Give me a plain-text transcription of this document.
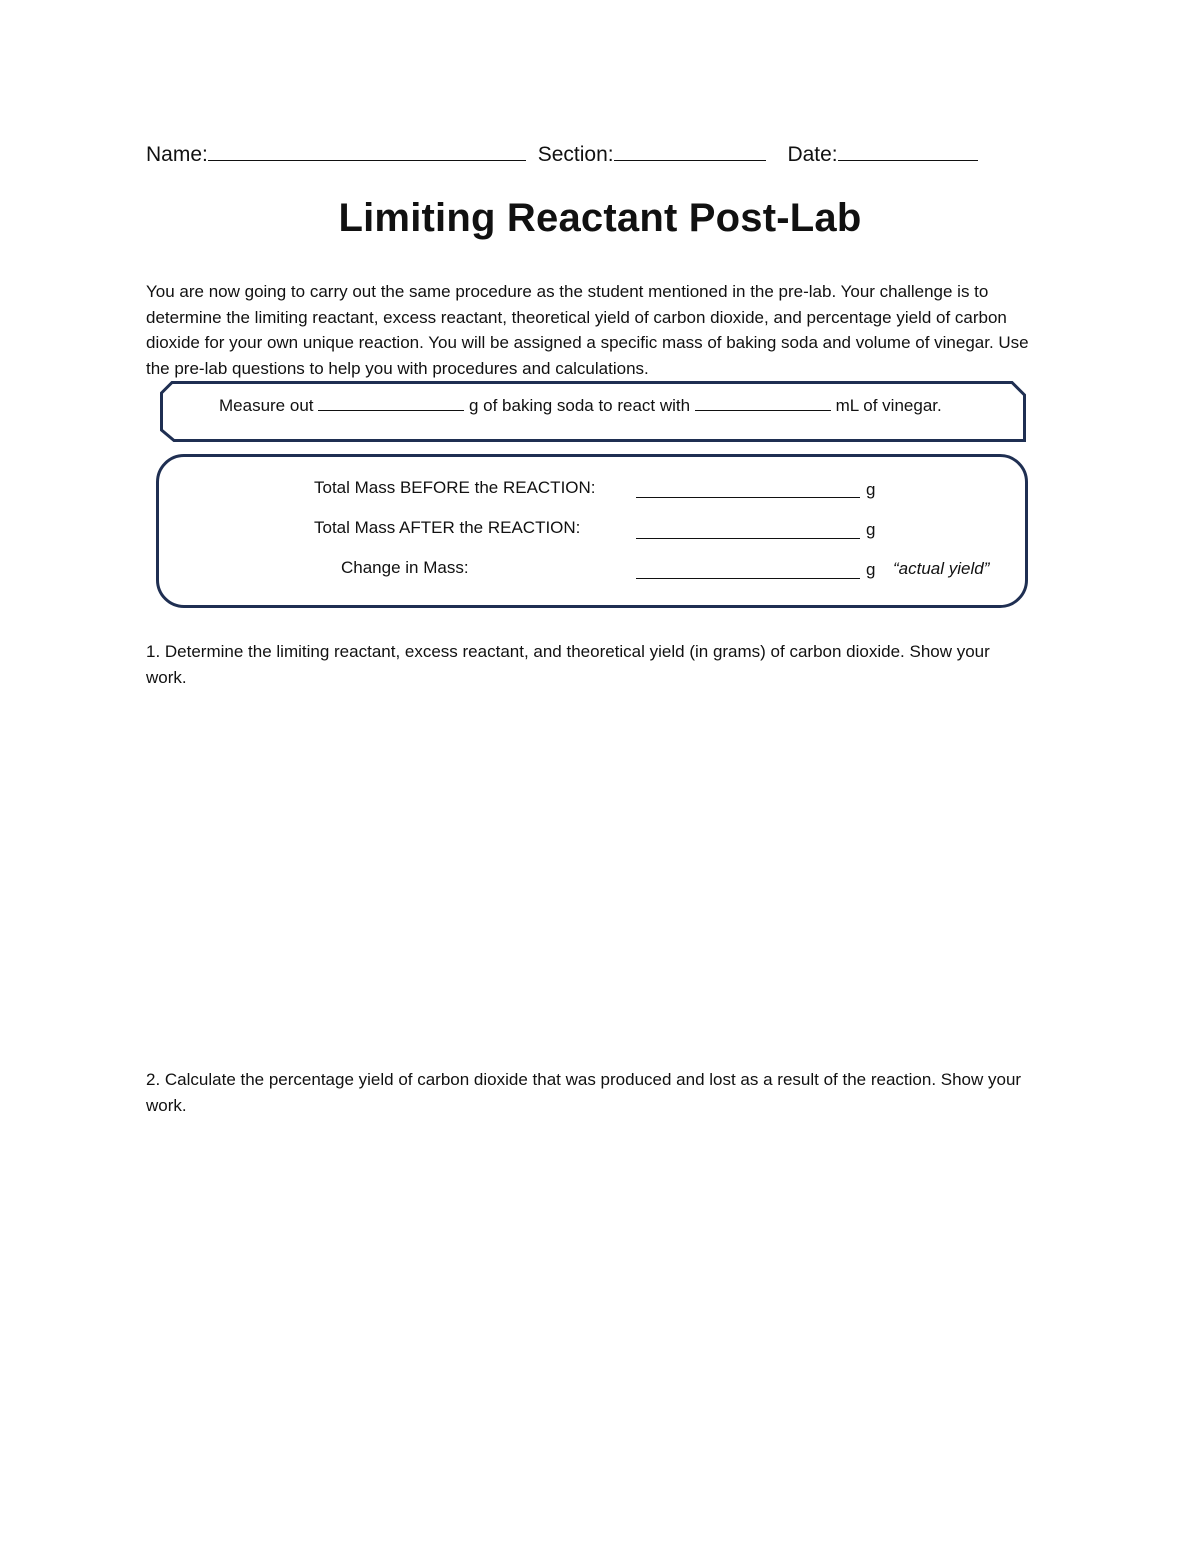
Name:	Section:	Date:
Limiting Reactant Post-Lab
You are now going to carry out the same procedure as the student mentioned in the pre-lab. Your challenge is to determine the limiting reactant, excess reactant, theoretical yield of carbon dioxide, and percentage yield of carbon dioxide for your own unique reaction. You will be assigned a specific mass of baking soda and volume of vinegar. Use the pre-lab questions to help you with procedures and calculations.
Measure out	g of baking soda to react with	mL of vinegar.
Total Mass BEFORE the REACTION:	g
Total Mass AFTER the REACTION:	g
Change in Mass:	g “actual yield”
1. Determine the limiting reactant, excess reactant, and theoretical yield (in grams) of carbon dioxide. Show your work.
2. Calculate the percentage yield of carbon dioxide that was produced and lost as a result of the reaction. Show your work.
